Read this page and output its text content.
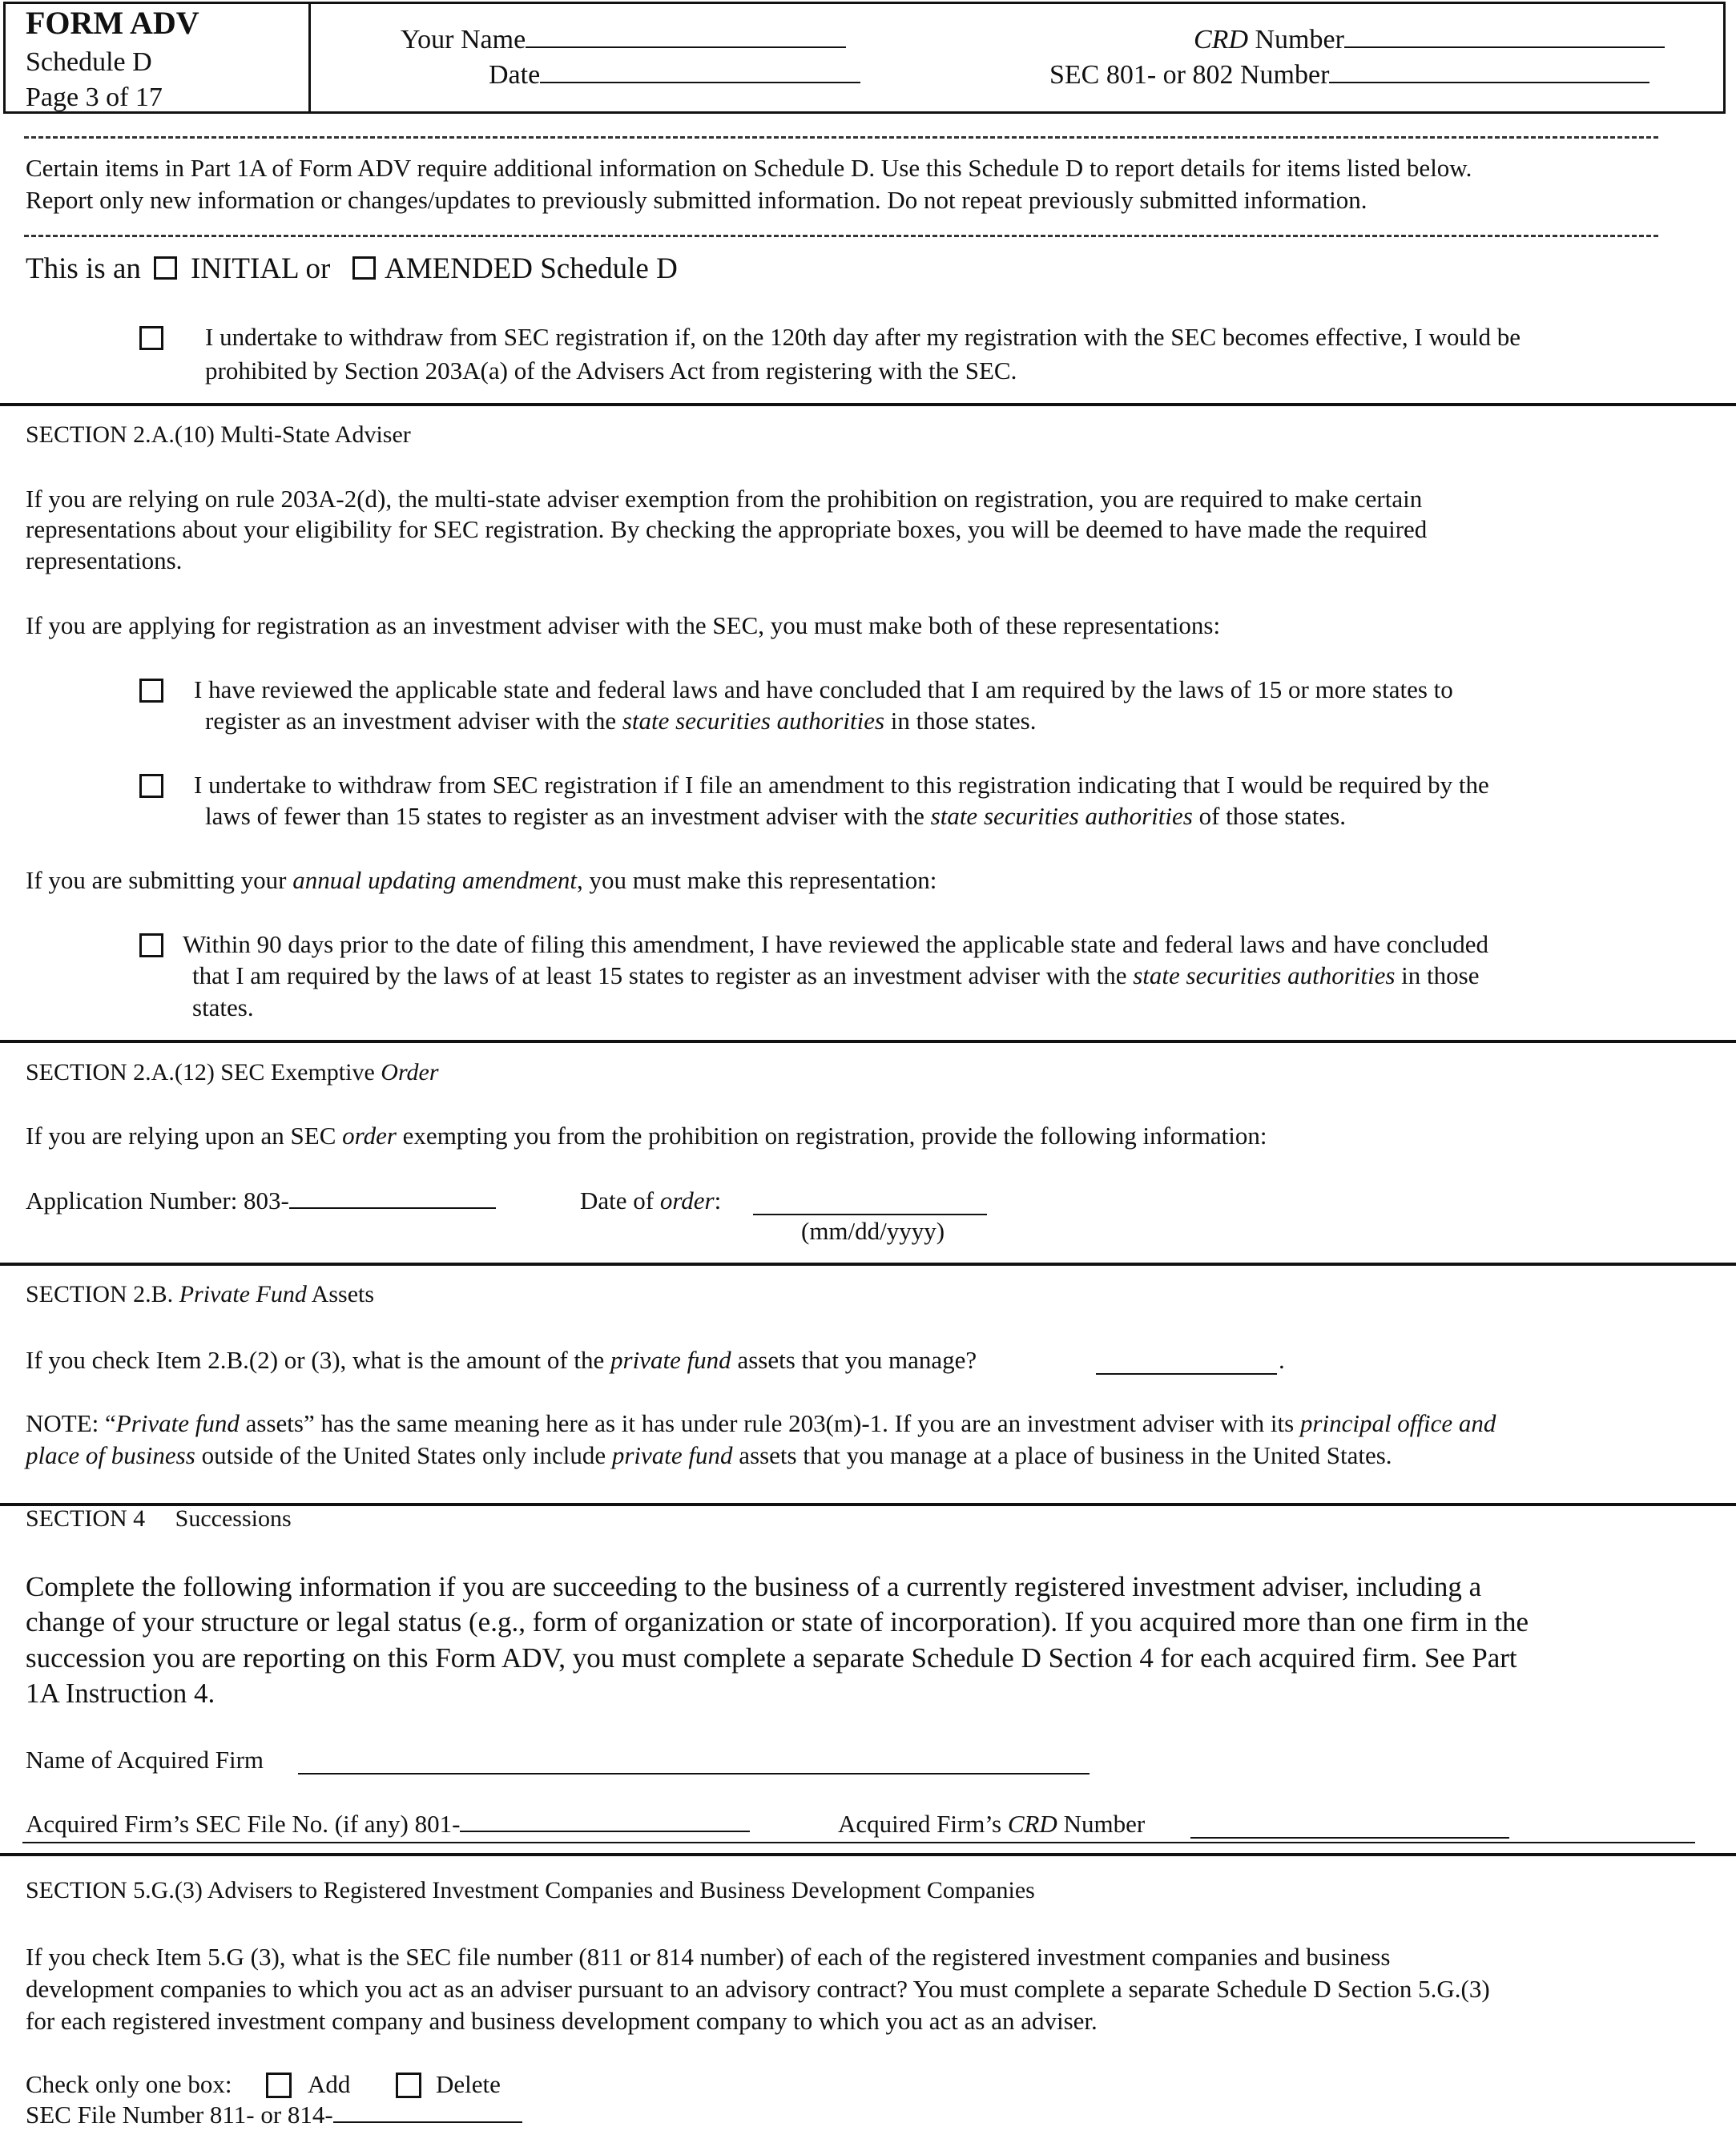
FORM ADV
Schedule D
Page 3 of 17
Your Name
Date
CRD Number
SEC 801- or 802 Number
Certain items in Part 1A of Form ADV require additional information on Schedule D. Use this Schedule D to report details for items listed below.
Report only new information or changes/updates to previously submitted information. Do not repeat previously submitted information.
This is an INITIAL or AMENDED Schedule D
I undertake to withdraw from SEC registration if, on the 120th day after my registration with the SEC becomes effective, I would be
prohibited by Section 203A(a) of the Advisers Act from registering with the SEC.
SECTION 2.A.(10) Multi-State Adviser
If you are relying on rule 203A-2(d), the multi-state adviser exemption from the prohibition on registration, you are required to make certain
representations about your eligibility for SEC registration. By checking the appropriate boxes, you will be deemed to have made the required
representations.
If you are applying for registration as an investment adviser with the SEC, you must make both of these representations:
I have reviewed the applicable state and federal laws and have concluded that I am required by the laws of 15 or more states to
register as an investment adviser with the state securities authorities in those states.
I undertake to withdraw from SEC registration if I file an amendment to this registration indicating that I would be required by the
laws of fewer than 15 states to register as an investment adviser with the state securities authorities of those states.
If you are submitting your annual updating amendment, you must make this representation:
Within 90 days prior to the date of filing this amendment, I have reviewed the applicable state and federal laws and have concluded
that I am required by the laws of at least 15 states to register as an investment adviser with the state securities authorities in those
states.
SECTION 2.A.(12) SEC Exemptive Order
If you are relying upon an SEC order exempting you from the prohibition on registration, provide the following information:
Application Number: 803-	Date of order:
(mm/dd/yyyy)
SECTION 2.B. Private Fund Assets
If you check Item 2.B.(2) or (3), what is the amount of the private fund assets that you manage?	.
NOTE: “Private fund assets” has the same meaning here as it has under rule 203(m)-1. If you are an investment adviser with its principal office and
place of business outside of the United States only include private fund assets that you manage at a place of business in the United States.
SECTION 4     Successions
Complete the following information if you are succeeding to the business of a currently registered investment adviser, including a
change of your structure or legal status (e.g., form of organization or state of incorporation). If you acquired more than one firm in the
succession you are reporting on this Form ADV, you must complete a separate Schedule D Section 4 for each acquired firm. See Part
1A Instruction 4.
Name of Acquired Firm
Acquired Firm’s SEC File No. (if any) 801-	Acquired Firm’s CRD Number
SECTION 5.G.(3) Advisers to Registered Investment Companies and Business Development Companies
If you check Item 5.G (3), what is the SEC file number (811 or 814 number) of each of the registered investment companies and business
development companies to which you act as an adviser pursuant to an advisory contract? You must complete a separate Schedule D Section 5.G.(3)
for each registered investment company and business development company to which you act as an adviser.
Check only one box:	Add	Delete
SEC File Number 811- or 814-
